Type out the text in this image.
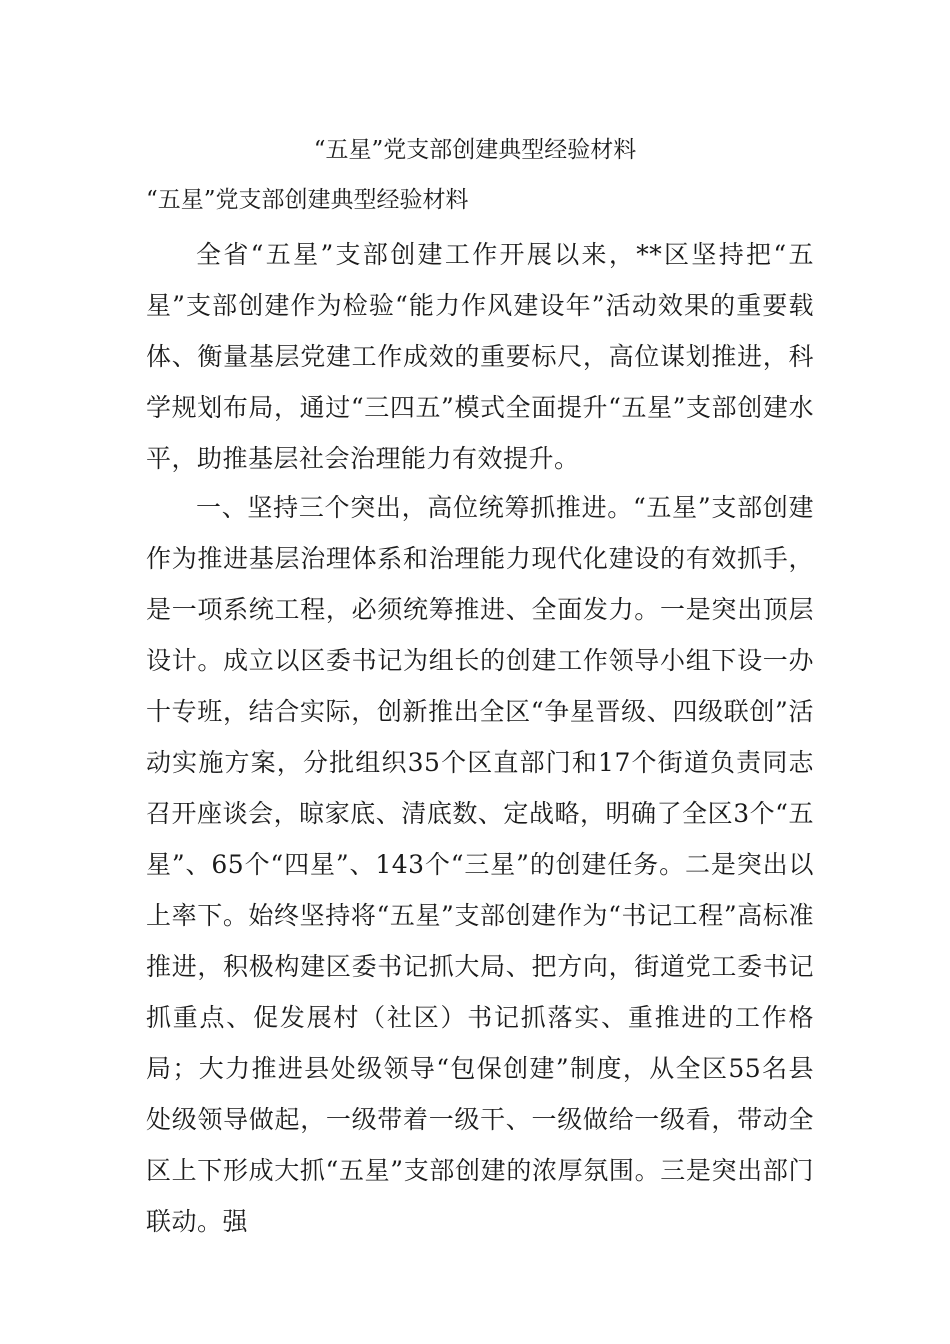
“五星”党支部创建典型经验材料
“五星”党支部创建典型经验材料

全省“五星”支部创建工作开展以来，**区坚持把“五星”支部创建作为检验“能力作风建设年”活动效果的重要载体、衡量基层党建工作成效的重要标尺，高位谋划推进，科学规划布局，通过“三四五”模式全面提升“五星”支部创建水平，助推基层社会治理能力有效提升。

一、坚持三个突出，高位统筹抓推进。“五星”支部创建作为推进基层治理体系和治理能力现代化建设的有效抓手，是一项系统工程，必须统筹推进、全面发力。一是突出顶层设计。成立以区委书记为组长的创建工作领导小组下设一办十专班，结合实际，创新推出全区“争星晋级、四级联创”活动实施方案，分批组织35个区直部门和17个街道负责同志召开座谈会，晾家底、清底数、定战略，明确了全区3个“五星”、65个“四星”、143个“三星”的创建任务。二是突出以上率下。始终坚持将“五星”支部创建作为“书记工程”高标准推进，积极构建区委书记抓大局、把方向，街道党工委书记抓重点、促发展村（社区）书记抓落实、重推进的工作格局；大力推进县处级领导“包保创建”制度，从全区55名县处级领导做起，一级带着一级干、一级做给一级看，带动全区上下形成大抓“五星”支部创建的浓厚氛围。三是突出部门联动。强
